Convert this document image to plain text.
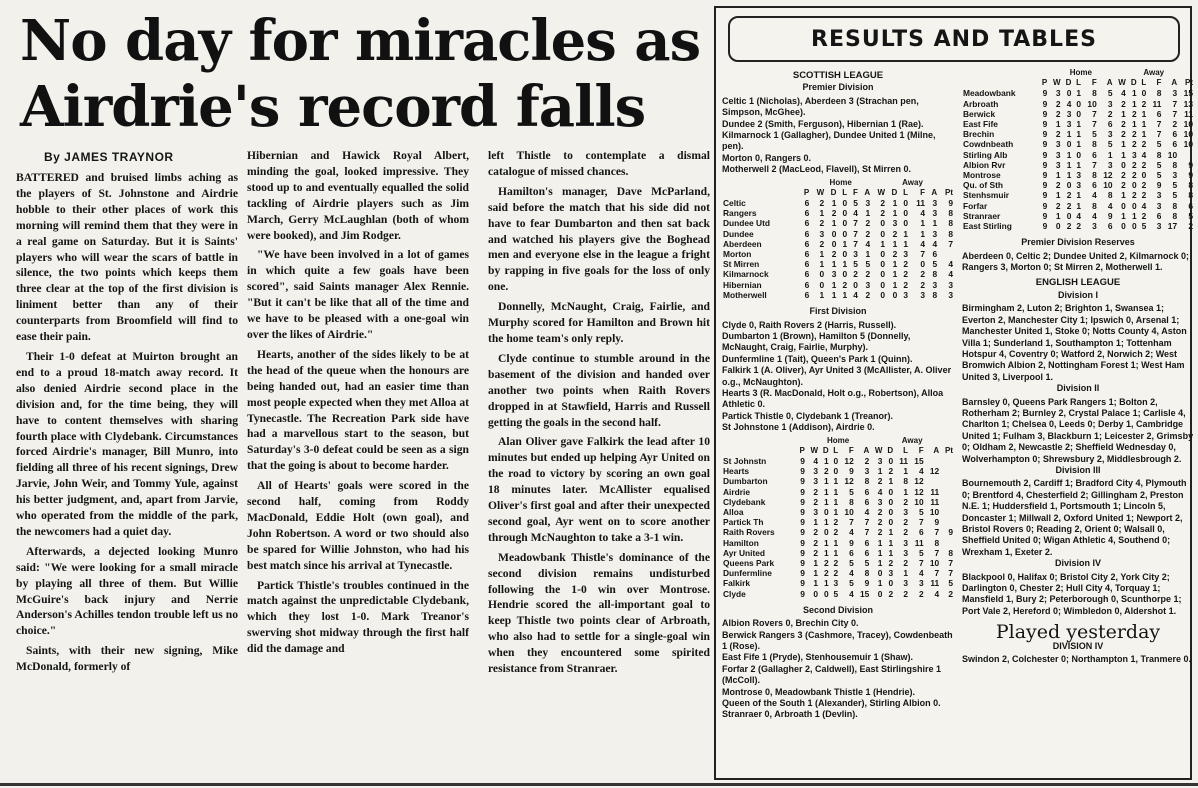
No day for miracles as Airdrie's record falls
By JAMES TRAYNOR

BATTERED and bruised limbs aching as the players of St. Johnstone and Airdrie hobble to their other places of work this morning will remind them that they were in a real game on Saturday. But it is Saints' players who will wear the scars of battle in silence, the two points which keeps them three clear at the top of the first division is liniment better than any of their counterparts from Broomfield will find to ease their pain.

Their 1-0 defeat at Muirton brought an end to a proud 18-match away record. It also denied Airdrie second place in the division and, for the time being, they will have to content themselves with sharing fourth place with Clydebank. Circumstances forced Airdrie's manager, Bill Munro, into fielding all three of his recent signings, Drew Jarvie, John Weir, and Tommy Yule, against his better judgment, and, apart from Jarvie, who operated from the middle of the park, the newcomers had a quiet day.

Afterwards, a dejected looking Munro said: "We were looking for a small miracle by playing all three of them. But Willie McGuire's back injury and Nerrie Anderson's Achilles tendon trouble left us no choice."

Saints, with their new signing, Mike McDonald, formerly of

Hibernian and Hawick Royal Albert, minding the goal, looked impressive. They stood up to and eventually equalled the solid tackling of Airdrie players such as Jim March, Gerry McLaughlan (both of whom were booked), and Jim Rodger.

"We have been involved in a lot of games in which quite a few goals have been scored", said Saints manager Alex Rennie. "But it can't be like that all of the time and we have to be pleased with a one-goal win over the likes of Airdrie."

Hearts, another of the sides likely to be at the head of the queue when the honours are being handed out, had an easier time than most people expected when they met Alloa at Tynecastle. The Recreation Park side have had a marvellous start to the season, but Saturday's 3-0 defeat could be seen as a sign that the going is about to become harder.

All of Hearts' goals were scored in the second half, coming from Roddy MacDonald, Eddie Holt (own goal), and John Robertson. A word or two should also be spared for Willie Johnston, who had his best match since his arrival at Tynecastle.

Partick Thistle's troubles continued in the match against the unpredictable Clydebank, which they lost 1-0. Mark Treanor's swerving shot midway through the first half did the damage and

left Thistle to contemplate a dismal catalogue of missed chances.

Hamilton's manager, Dave McParland, said before the match that his side did not have to fear Dumbarton and then sat back and watched his players give the Boghead men and everyone else in the league a fright by rapping in five goals for the loss of only one.

Donnelly, McNaught, Craig, Fairlie, and Murphy scored for Hamilton and Brown hit the home team's only reply.

Clyde continue to stumble around in the basement of the division and handed over another two points when Raith Rovers dropped in at Stawfield, Harris and Russell getting the goals in the second half.

Alan Oliver gave Falkirk the lead after 10 minutes but ended up helping Ayr United on the road to victory by scoring an own goal 18 minutes later. McAllister equalised Oliver's first goal and after their unexpected second goal, Ayr went on to score another through McNaughton to take a 3-1 win.

Meadowbank Thistle's dominance of the second division remains undisturbed following the 1-0 win over Montrose. Hendrie scored the all-important goal to keep Thistle two points clear of Arbroath, who also had to settle for a single-goal win when they encountered some spirited resistance from Stranraer.

RESULTS AND TABLES
SCOTTISH LEAGUE
Premier Division

Celtic 1 (Nicholas), Aberdeen 3 (Strachan pen, Simpson, McGhee).

Dundee 2 (Smith, Ferguson), Hibernian 1 (Rae).

Kilmarnock 1 (Gallagher), Dundee United 1 (Milne, pen).

Morton 0, Rangers 0.

Motherwell 2 (MacLeod, Flavell), St Mirren 0.

		Home					Away					
	P	W	D	L	F	A	W	D	L	F	A	Pt
Celtic	6	2	1	0	5	3	2	1	0	11	3	9
Rangers	6	1	2	0	4	1	2	1	0	4	3	8
Dundee Utd	6	2	1	0	7	2	0	3	0	1	1	8
Dundee	6	3	0	0	7	2	0	2	1	1	3	8
Aberdeen	6	2	0	1	7	4	1	1	1	4	4	7
Morton	6	1	2	0	3	1	0	2	3	7	6	
St Mirren	6	1	1	1	5	5	0	1	2	0	5	4
Kilmarnock	6	0	3	0	2	2	0	1	2	2	8	4
Hibernian	6	0	1	2	0	3	0	1	2	2	3	3
Motherwell	6	1	1	1	4	2	0	0	3	3	8	3
First Division

Clyde 0, Raith Rovers 2 (Harris, Russell).

Dumbarton 1 (Brown), Hamilton 5 (Donnelly, McNaught, Craig, Fairlie, Murphy).

Dunfermline 1 (Tait), Queen's Park 1 (Quinn).

Falkirk 1 (A. Oliver), Ayr United 3 (McAllister, A. Oliver o.g., McNaughton).

Hearts 3 (R. MacDonald, Holt o.g., Robertson), Alloa Athletic 0.

Partick Thistle 0, Clydebank 1 (Treanor).

St Johnstone 1 (Addison), Airdrie 0.

		Home					Away					
	P	W	D	L	F	A	W	D	L	F	A	Pt
St Johnstn	9	4	1	0	12	2	3	0	11	15		
Hearts	9	3	2	0	9	3	1	2	1	4	12	
Dumbarton	9	3	1	1	12	8	2	1	8	12		
Airdrie	9	2	1	1	5	6	4	0	1	12	11	
Clydebank	9	2	1	1	8	6	3	0	2	10	11	
Alloa	9	3	0	1	10	4	2	0	3	5	10	
Partick Th	9	1	1	2	7	7	2	0	2	7	9	
Raith Rovers	9	2	0	2	4	7	2	1	2	6	7	9
Hamilton	9	2	1	1	9	6	1	1	3	11	8	
Ayr United	9	2	1	1	6	6	1	1	3	5	7	8
Queens Park	9	1	2	2	5	5	1	2	2	7	10	7
Dunfermline	9	1	2	2	4	8	0	3	1	4	7	7
Falkirk	9	1	1	3	5	9	1	0	3	3	11	5
Clyde	9	0	0	5	4	15	0	2	2	2	4	2
Second Division

Albion Rovers 0, Brechin City 0.

Berwick Rangers 3 (Cashmore, Tracey), Cowdenbeath 1 (Rose).

East Fife 1 (Pryde), Stenhousemuir 1 (Shaw).

Forfar 2 (Gallagher 2, Caldwell), East Stirlingshire 1 (McColl).

Montrose 0, Meadowbank Thistle 1 (Hendrie).

Queen of the South 1 (Alexander), Stirling Albion 0.

Stranraer 0, Arbroath 1 (Devlin).

		Home					Away					
	P	W	D	L	F	A	W	D	L	F	A	Pt
Meadowbank	9	3	0	1	8	5	4	1	0	8	3	15
Arbroath	9	2	4	0	10	3	2	1	2	11	7	13
Berwick	9	2	3	0	7	2	1	2	1	6	7	11
East Fife	9	1	3	1	7	6	2	1	1	7	2	10
Brechin	9	2	1	1	5	3	2	2	1	7	6	10
Cowdnbeath	9	3	0	1	8	5	1	2	2	5	6	10
Stirling Alb	9	3	1	0	6	1	1	3	4	8	10	
Albion Rvr	9	3	1	1	7	3	0	2	2	5	8	9
Montrose	9	1	1	3	8	12	2	2	0	5	3	9
Qu. of Sth	9	2	0	3	6	10	2	0	2	9	5	8
Stenhsmuir	9	1	2	1	4	8	1	2	2	3	5	8
Forfar	9	2	2	1	8	4	0	0	4	3	8	6
Stranraer	9	1	0	4	4	9	1	1	2	6	8	5
East Stirling	9	0	2	2	3	6	0	0	5	3	17	2
Premier Division Reserves

Aberdeen 0, Celtic 2; Dundee United 2, Kilmarnock 0; Rangers 3, Morton 0; St Mirren 2, Motherwell 1.

ENGLISH LEAGUE
Division I

Birmingham 2, Luton 2; Brighton 1, Swansea 1; Everton 2, Manchester City 1; Ipswich 0, Arsenal 1; Manchester United 1, Stoke 0; Notts County 4, Aston Villa 1; Sunderland 1, Southampton 1; Tottenham Hotspur 4, Coventry 0; Watford 2, Norwich 2; West Bromwich Albion 2, Nottingham Forest 1; West Ham United 3, Liverpool 1.

Division II

Barnsley 0, Queens Park Rangers 1; Bolton 2, Rotherham 2; Burnley 2, Crystal Palace 1; Carlisle 4, Charlton 1; Chelsea 0, Leeds 0; Derby 1, Cambridge United 1; Fulham 3, Blackburn 1; Leicester 2, Grimsby 0; Oldham 2, Newcastle 2; Sheffield Wednesday 0, Wolverhampton 0; Shrewsbury 2, Middlesbrough 2.

Division III

Bournemouth 2, Cardiff 1; Bradford City 4, Plymouth 0; Brentford 4, Chesterfield 2; Gillingham 2, Preston N.E. 1; Huddersfield 1, Portsmouth 1; Lincoln 5, Doncaster 1; Millwall 2, Oxford United 1; Newport 2, Bristol Rovers 0; Reading 2, Orient 0; Walsall 0, Sheffield United 0; Wigan Athletic 4, Southend 0; Wrexham 1, Exeter 2.

Division IV

Blackpool 0, Halifax 0; Bristol City 2, York City 2; Darlington 0, Chester 2; Hull City 4, Torquay 1; Mansfield 1, Bury 2; Peterborough 0, Scunthorpe 1; Port Vale 2, Hereford 0; Wimbledon 0, Aldershot 1.

Played yesterday
DIVISION IV

Swindon 2, Colchester 0; Northampton 1, Tranmere 0.
